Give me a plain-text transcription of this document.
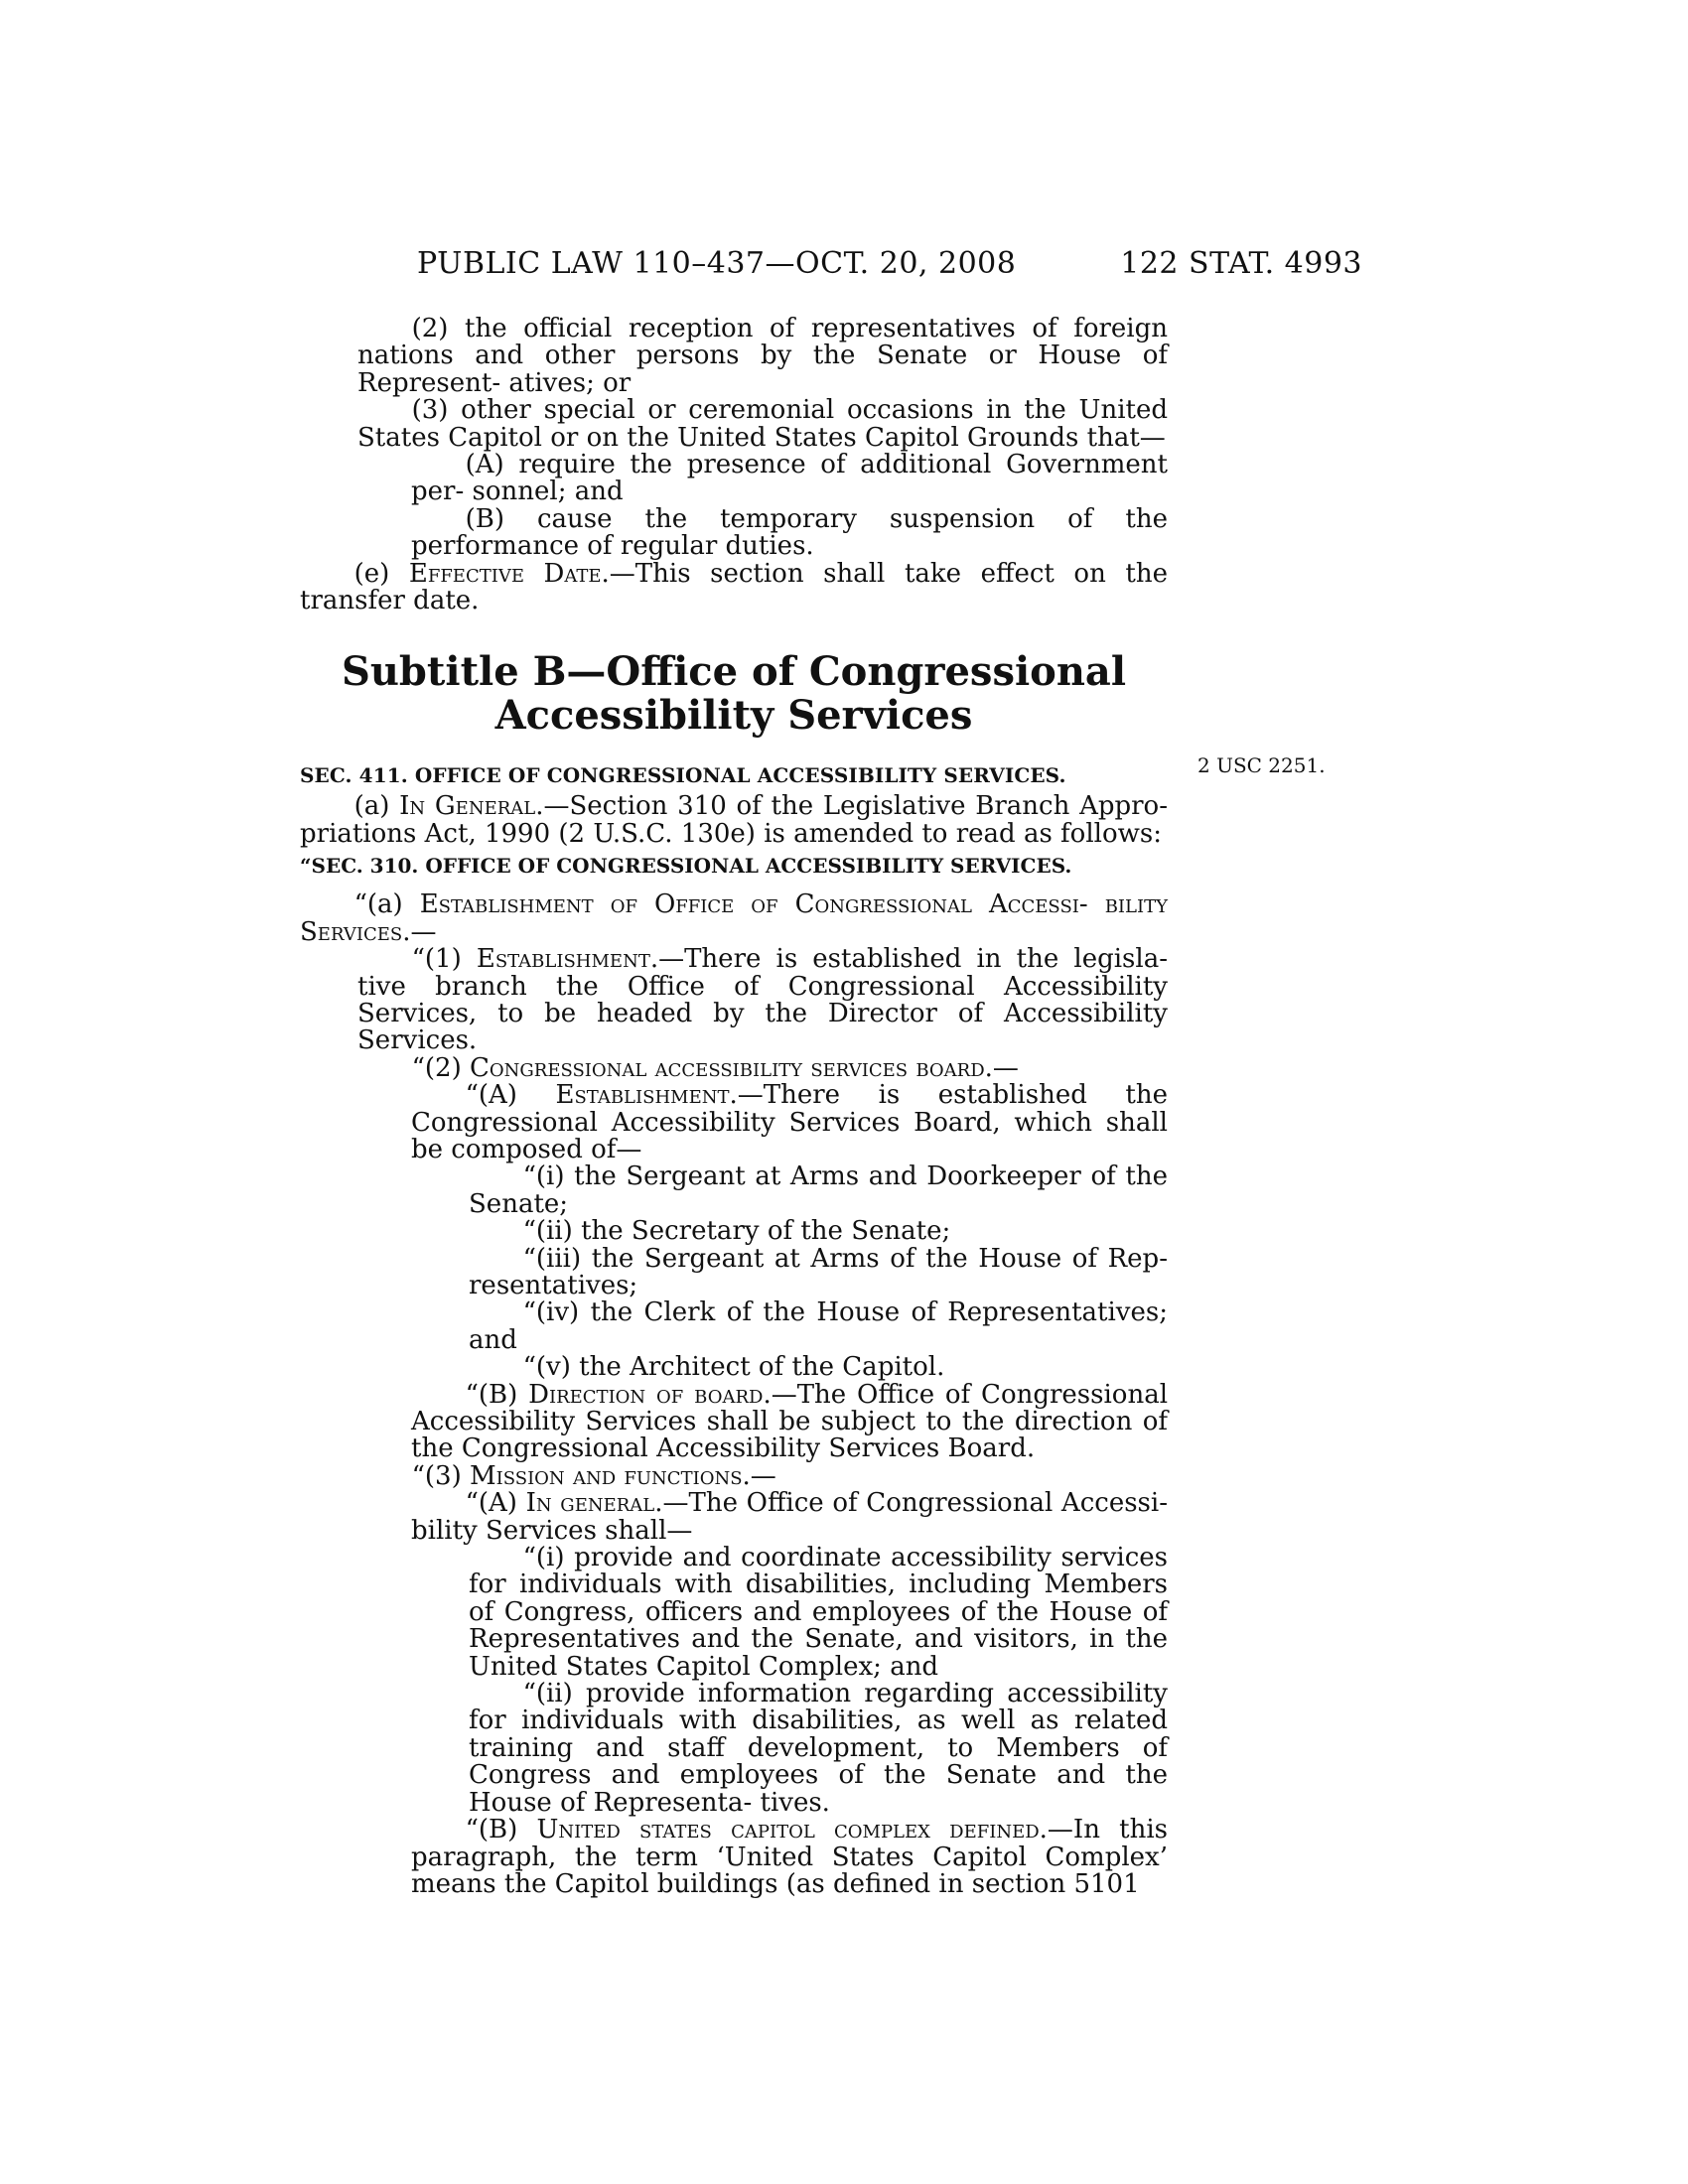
PUBLIC LAW 110–437—OCT. 20, 2008	122 STAT. 4993
2 USC 2251.

(2) the official reception of representatives of foreign nations and other persons by the Senate or House of Represent- atives; or

(3) other special or ceremonial occasions in the United States Capitol or on the United States Capitol Grounds that—

(A) require the presence of additional Government per- sonnel; and

(B) cause the temporary suspension of the performance of regular duties.

(e) Effective Date.—This section shall take effect on the transfer date.

Subtitle B—Office of Congressional Accessibility Services

SEC. 411. OFFICE OF CONGRESSIONAL ACCESSIBILITY SERVICES.

(a) In General.—Section 310 of the Legislative Branch Appro- priations Act, 1990 (2 U.S.C. 130e) is amended to read as follows:

“SEC. 310. OFFICE OF CONGRESSIONAL ACCESSIBILITY SERVICES.

“(a) Establishment of Office of Congressional Accessi- bility Services.—

“(1) Establishment.—There is established in the legisla- tive branch the Office of Congressional Accessibility Services, to be headed by the Director of Accessibility Services.

“(2) Congressional accessibility services board.—

“(A) Establishment.—There is established the Congressional Accessibility Services Board, which shall be composed of—

“(i) the Sergeant at Arms and Doorkeeper of the Senate;

“(ii) the Secretary of the Senate;

“(iii) the Sergeant at Arms of the House of Rep- resentatives;

“(iv) the Clerk of the House of Representatives; and

“(v) the Architect of the Capitol.

“(B) Direction of board.—The Office of Congressional Accessibility Services shall be subject to the direction of the Congressional Accessibility Services Board.

“(3) Mission and functions.—

“(A) In general.—The Office of Congressional Accessi- bility Services shall—

“(i) provide and coordinate accessibility services for individuals with disabilities, including Members of Congress, officers and employees of the House of Representatives and the Senate, and visitors, in the United States Capitol Complex; and

“(ii) provide information regarding accessibility for individuals with disabilities, as well as related training and staff development, to Members of Congress and employees of the Senate and the House of Representa- tives.

“(B) United states capitol complex defined.—In this paragraph, the term ‘United States Capitol Complex’ means the Capitol buildings (as defined in section 5101
